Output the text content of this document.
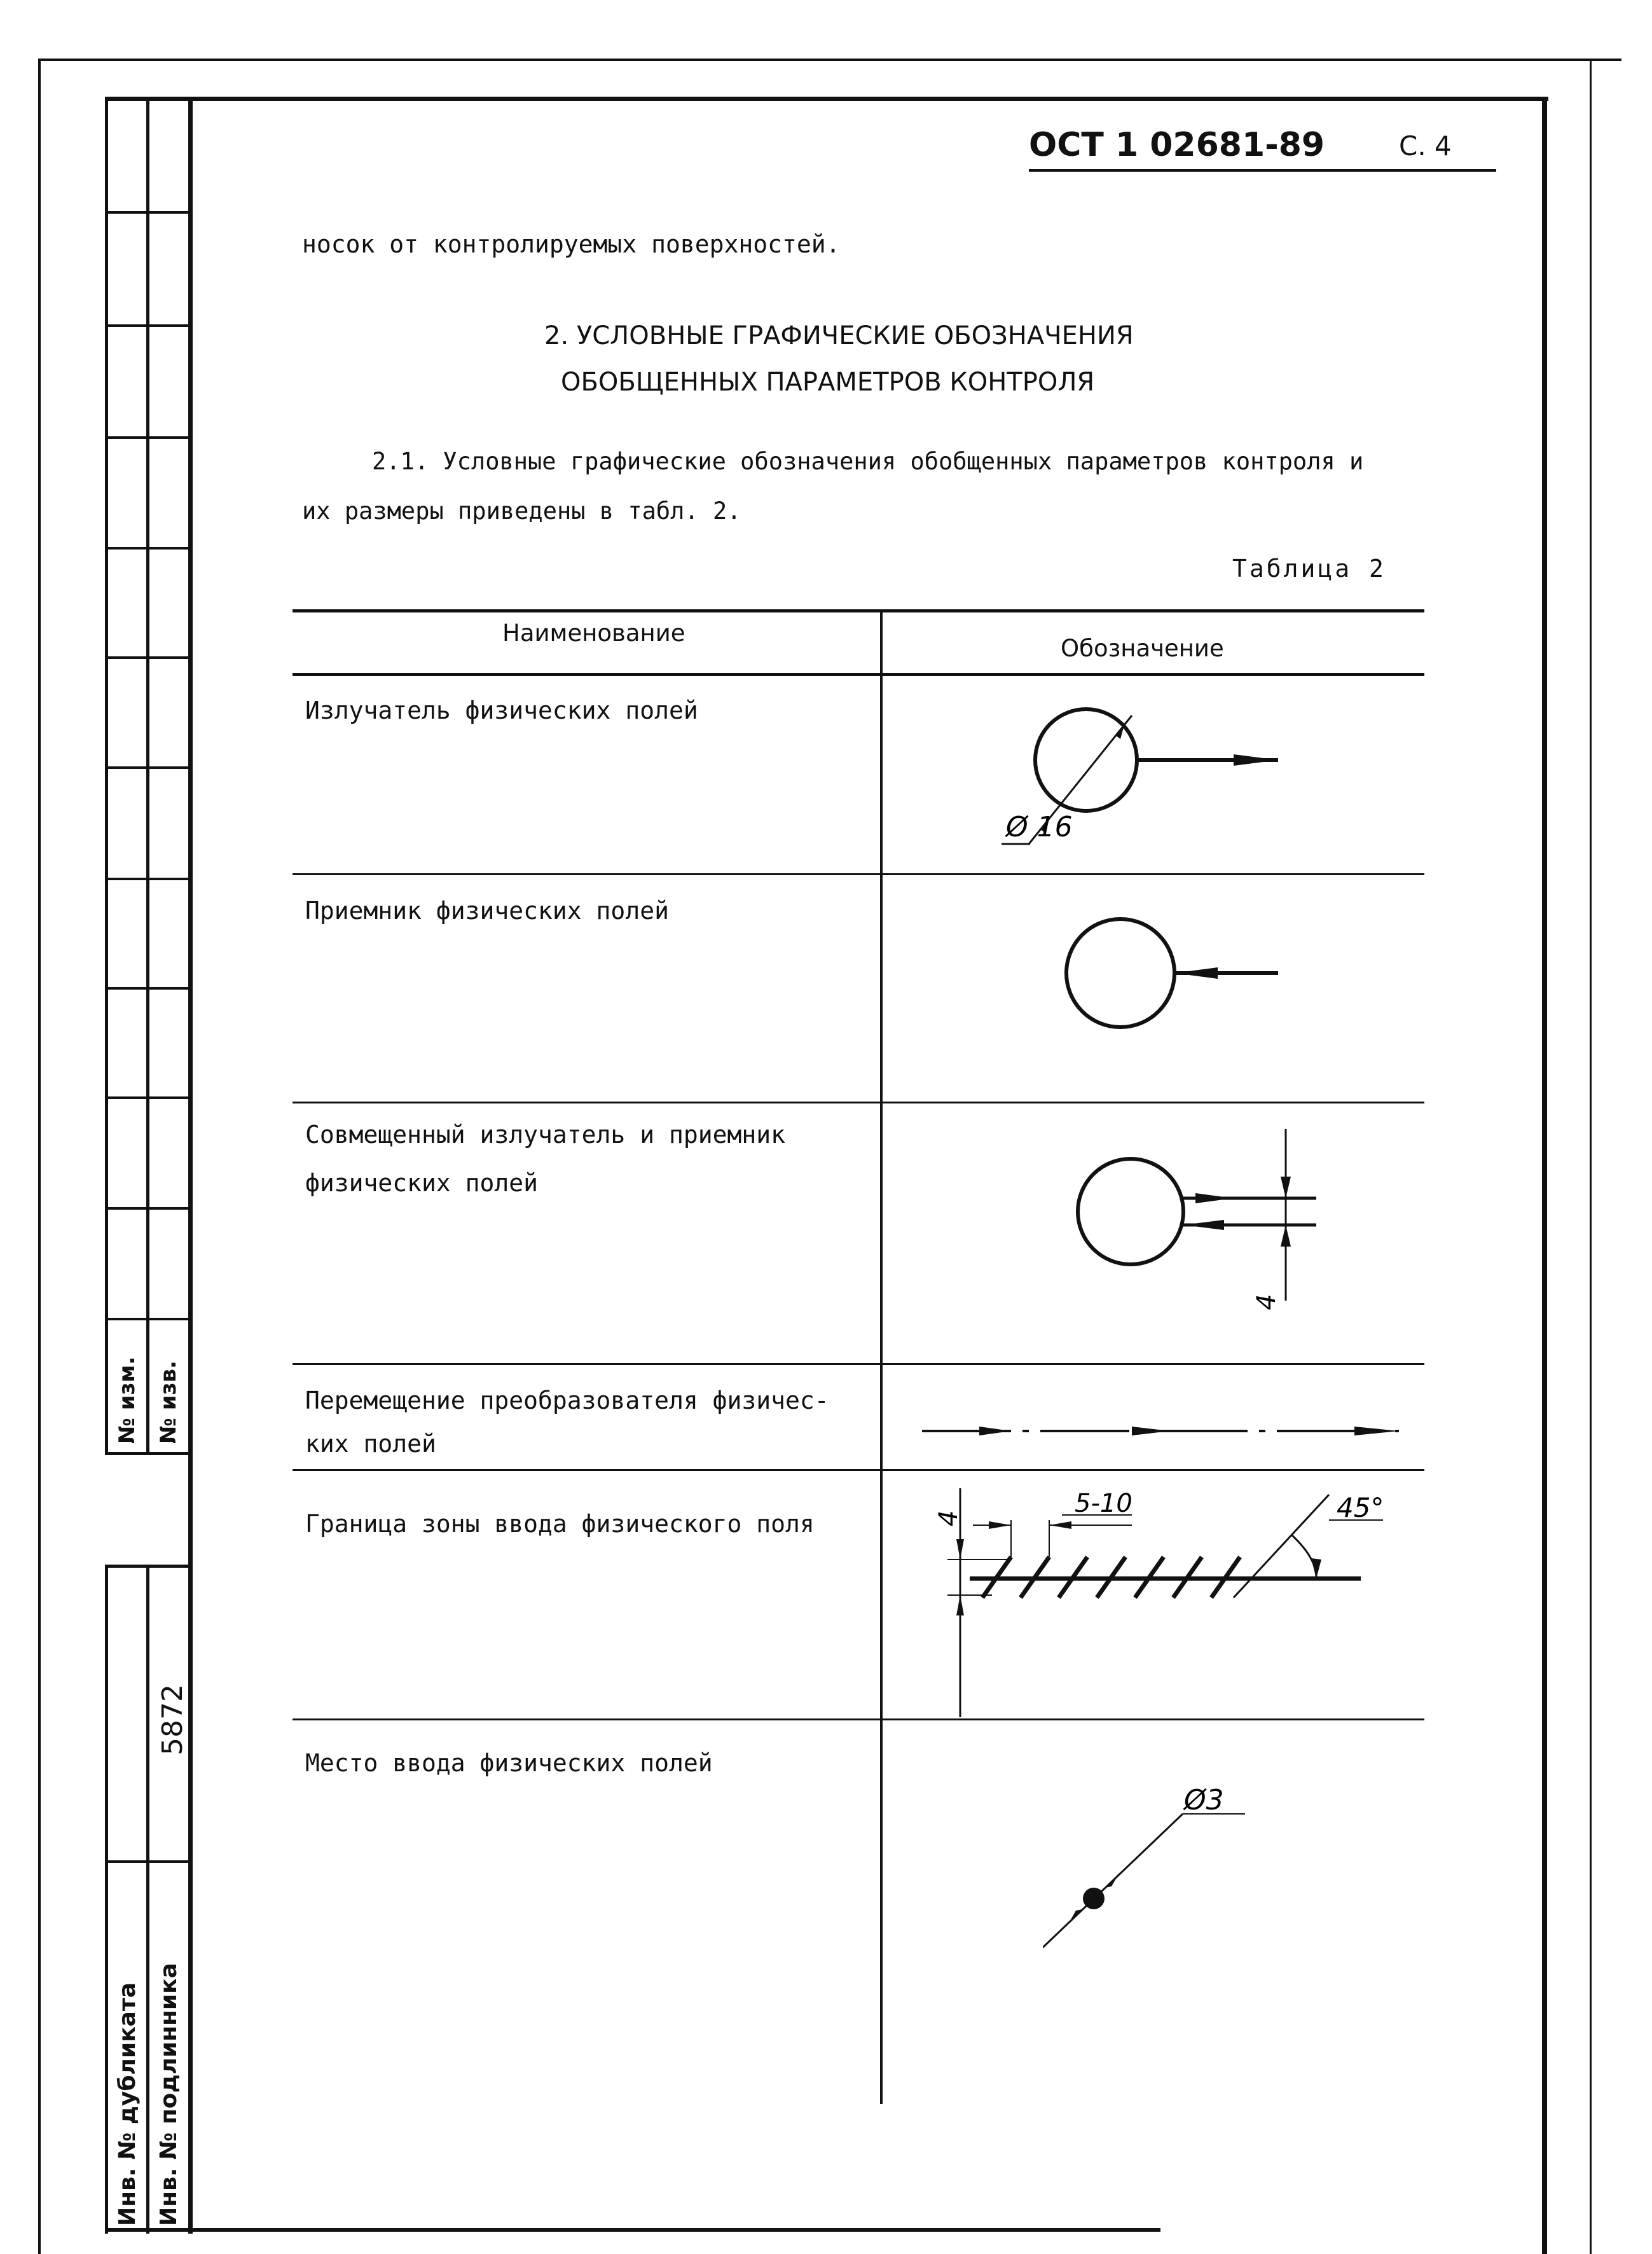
№ изм. № изв.
5872
Инв. № дубликата Инв. № подлинника
ОСТ 1 02681-89	С. 4
носок от контролируемых поверхностей.
2. УСЛОВНЫЕ ГРАФИЧЕСКИЕ ОБОЗНАЧЕНИЯ
ОБОБЩЕННЫХ ПАРАМЕТРОВ КОНТРОЛЯ
2.1. Условные графические обозначения обобщенных параметров контроля и
их размеры приведены в табл. 2.
Таблица 2
Наименование
Обозначение
Излучатель физических полей
Приемник физических полей
Совмещенный излучатель и приемник
физических полей
Перемещение преобразователя физичес-
ких полей
Граница зоны ввода физического поля
Место ввода физических полей
Ø 16
4
4
5-10	45°
Ø3
